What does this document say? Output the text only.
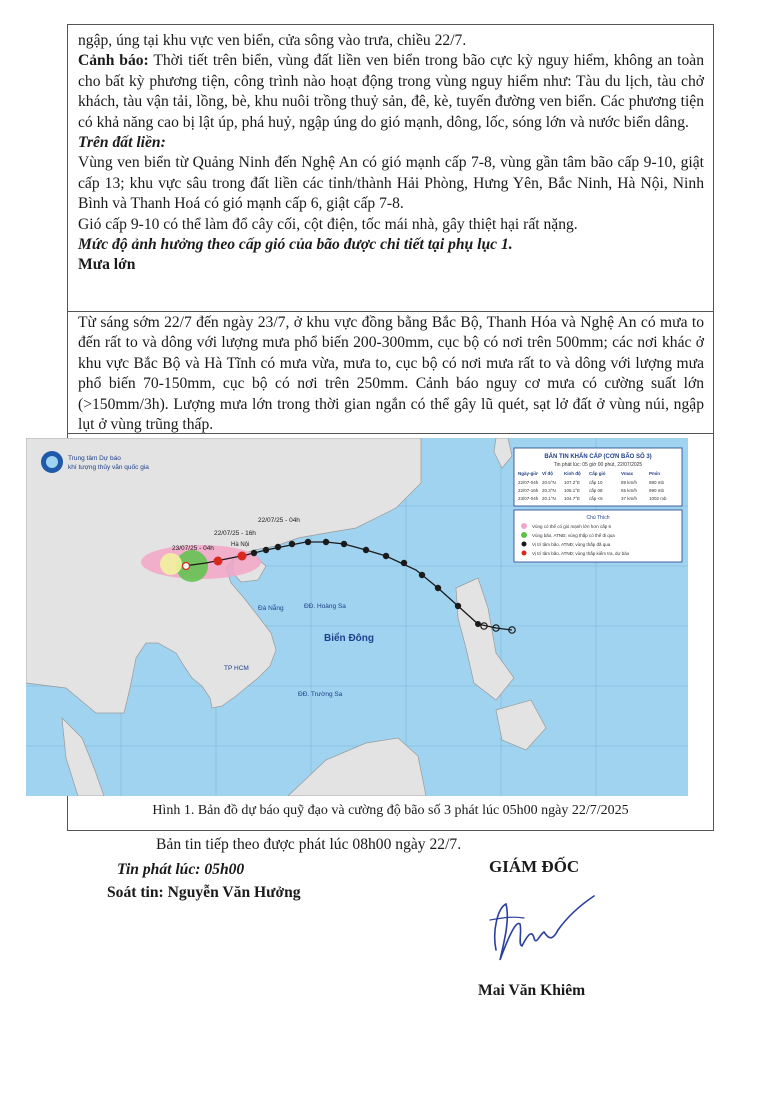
ngập, úng tại khu vực ven biển, cửa sông vào trưa, chiều 22/7.

Cảnh báo: Thời tiết trên biển, vùng đất liền ven biển trong bão cực kỳ nguy hiểm, không an toàn cho bất kỳ phương tiện, công trình nào hoạt động trong vùng nguy hiểm như: Tàu du lịch, tàu chở khách, tàu vận tải, lồng, bè, khu nuôi trồng thuỷ sản, đê, kè, tuyến đường ven biển. Các phương tiện có khả năng cao bị lật úp, phá huỷ, ngập úng do gió mạnh, dông, lốc, sóng lớn và nước biển dâng.

Trên đất liền:

Vùng ven biển từ Quảng Ninh đến Nghệ An có gió mạnh cấp 7-8, vùng gần tâm bão cấp 9-10, giật cấp 13; khu vực sâu trong đất liền các tỉnh/thành Hải Phòng, Hưng Yên, Bắc Ninh, Hà Nội, Ninh Bình và Thanh Hoá có gió mạnh cấp 6, giật cấp 7-8.

Gió cấp 9-10 có thể làm đổ cây cối, cột điện, tốc mái nhà, gây thiệt hại rất nặng.

Mức độ ảnh hưởng theo cấp gió của bão được chi tiết tại phụ lục 1.

Mưa lớn

Từ sáng sớm 22/7 đến ngày 23/7, ở khu vực đồng bằng Bắc Bộ, Thanh Hóa và Nghệ An có mưa to đến rất to và dông với lượng mưa phổ biến 200-300mm, cục bộ có nơi trên 500mm; các nơi khác ở khu vực Bắc Bộ và Hà Tĩnh có mưa vừa, mưa to, cục bộ có nơi mưa rất to và dông với lượng mưa phổ biến 70-150mm, cục bộ có nơi trên 250mm. Cảnh báo nguy cơ mưa có cường suất lớn (>150mm/3h). Lượng mưa lớn trong thời gian ngắn có thể gây lũ quét, sạt lở đất ở vùng núi, ngập lụt ở vùng trũng thấp.

Hình 1. Bản đồ dự báo quỹ đạo và cường độ bão số 3 phát lúc 05h00 ngày 22/7/2025
Trung tâm Dự báo
khí tượng thủy văn quốc gia
22/07/25 - 16h
22/07/25 - 04h
23/07/25 - 04h	Hà Nội
Đà Nẵng	ĐĐ. Hoàng Sa
Biển Đông
TP HCM
ĐĐ. Trường Sa
BẢN TIN KHẨN CẤP (CƠN BÃO SỐ 3)
Tin phát lúc: 05 giờ 00 phút, 22/07/2025
Ngày-giờ Vĩ độ Kinh độ Cấp gió	Vmax	Pmin
22/07-04h 20.5°N 107.2°E cấp 10	89 km/h	980 mb
22/07-16h 20.3°N 106.1°E cấp 08	65 km/h	990 mb
23/07-04h 20.1°N 104.7°E cấp <6	37 km/h	1002 mb
Chú Thích
Vùng có thể có gió mạnh lớn hơn cấp 6
Vùng bão, ATNĐ; vùng thấp có thể đi qua
Vị trí tâm bão, ATNĐ; vùng thấp đã qua
Vị trí tâm bão, ATNĐ; vùng thấp kiểm tra, dự báo
Bản tin tiếp theo được phát lúc 08h00 ngày 22/7.
Tin phát lúc: 05h00
Soát tin: Nguyễn Văn Hưởng
GIÁM ĐỐC
Mai Văn Khiêm
